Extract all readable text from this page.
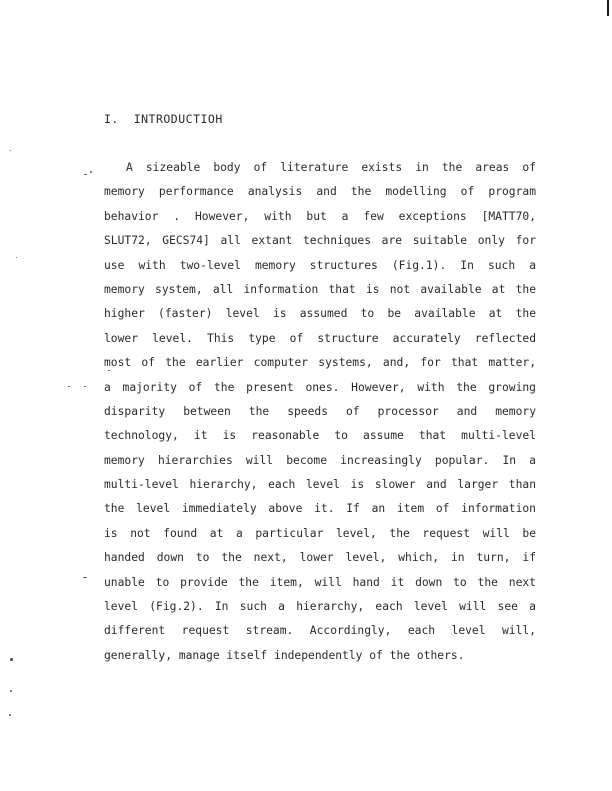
I.  INTRODUCTIOH
A sizeable body of literature exists in the areas of
memory performance analysis and the modelling of program
behavior . However, with but a few exceptions [MATT70,
SLUT72, GECS74] all extant techniques are suitable only for
use with two-level memory structures (Fig.1). In such a
memory system, all information that is not available at the
higher (faster) level is assumed to be available at the
lower level. This type of structure accurately reflected
most of the earlier computer systems, and, for that matter,
a majority of the present ones. However, with the growing
disparity between the speeds of processor and memory
technology, it is reasonable to assume that multi-level
memory hierarchies will become increasingly popular. In a
multi-level hierarchy, each level is slower and larger than
the level immediately above it. If an item of information
is not found at a particular level, the request will be
handed down to the next, lower level, which, in turn, if
unable to provide the item, will hand it down to the next
level (Fig.2). In such a hierarchy, each level will see a
different request stream. Accordingly, each level will,
generally, manage itself independently of the others.
